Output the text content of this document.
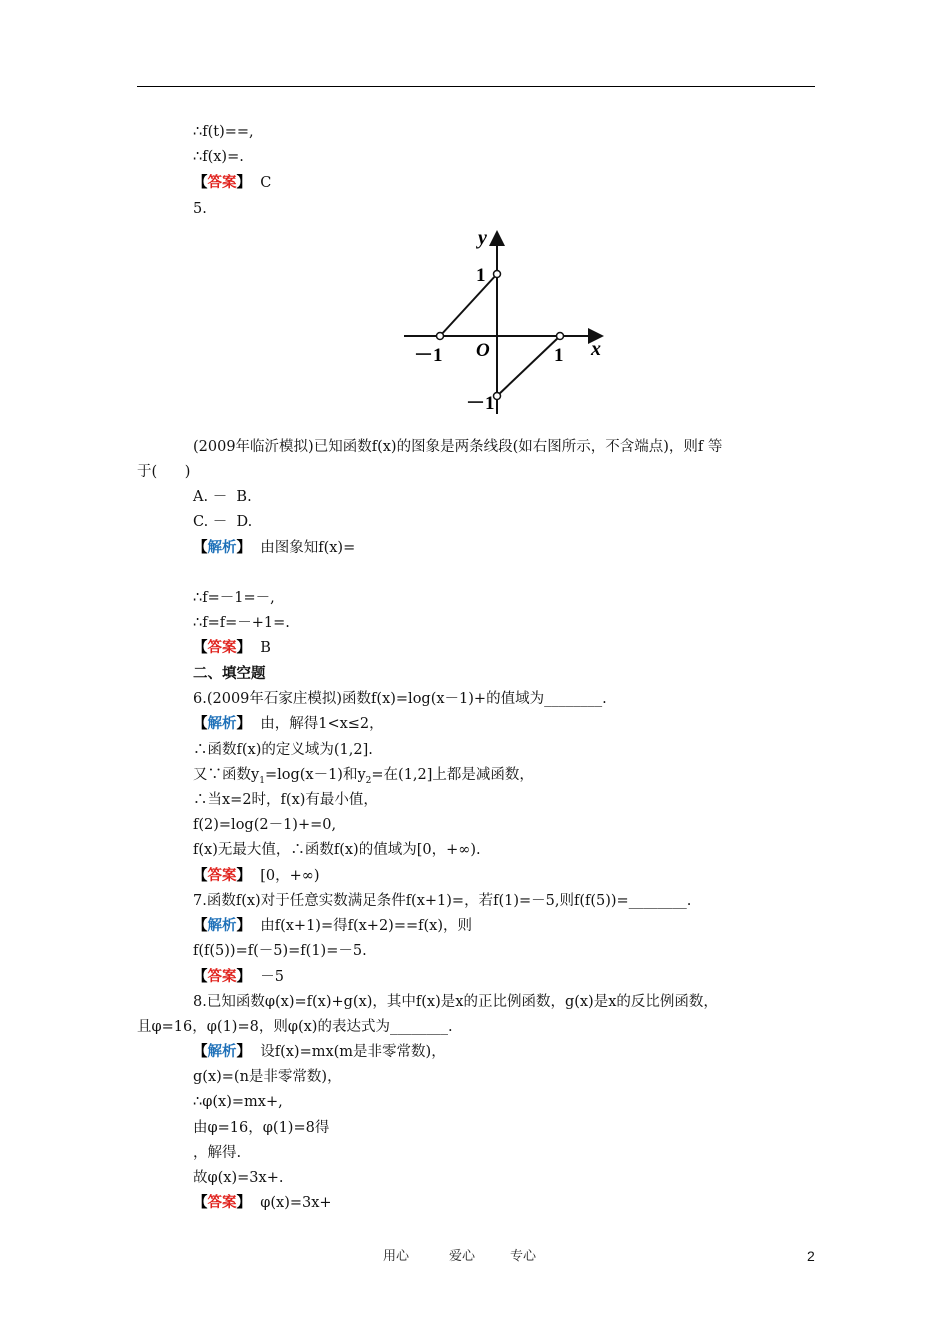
∴f(t)==,
∴f(x)=.
【答案】  C
5.
y
x
O
1
－1
－1	1
(2009年临沂模拟)已知函数f(x)的图象是两条线段(如右图所示，不含端点)，则f 等
于(      )
A. －  B.
C. －  D.
【解析】  由图象知f(x)=
∴f=－1=－,
∴f=f=－+1=.
【答案】  B
二、填空题
6.(2009年石家庄模拟)函数f(x)=log(x－1)+的值域为________.
【解析】  由，解得1<x≤2，
∴函数f(x)的定义域为(1,2].
又∵函数$y_1=\log(x-1)$和$y_2=$在(1,2]上都是减函数，
∴当x=2时，f(x)有最小值，
f(2)=log(2－1)+=0,
f(x)无最大值，∴函数f(x)的值域为[0，+∞).
【答案】  [0，+∞)
7.函数f(x)对于任意实数满足条件f(x+1)=，若f(1)=－5,则f(f(5))=________.
【解析】  由f(x+1)=得f(x+2)==f(x)，则
f(f(5))=f(－5)=f(1)=－5.
【答案】  －5
8.已知函数φ(x)=f(x)+g(x)，其中f(x)是x的正比例函数，g(x)是x的反比例函数，
且φ=16，φ(1)=8，则φ(x)的表达式为________.
【解析】  设f(x)=mx(m是非零常数)，
g(x)=(n是非零常数)，
∴φ(x)=mx+,
由φ=16，φ(1)=8得
，解得.
故φ(x)=3x+.
【答案】  φ(x)=3x+
用心	爱心	专心	2
